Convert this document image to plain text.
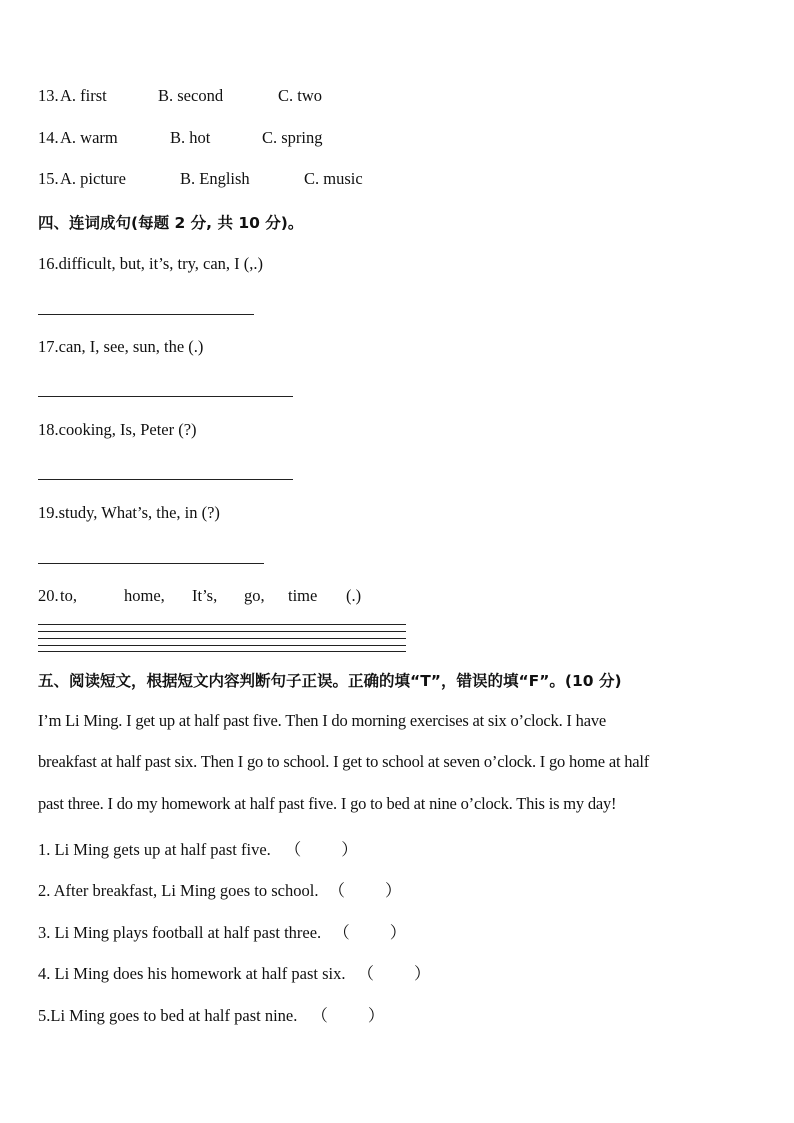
13.A. first	B. second	C. two
14.A. warm	B. hot	C. spring
15.A. picture	B. English	C. music
四、连词成句(每题 2 分, 共 10 分)。
16.difficult, but, it’s, try, can, I (,.)
17.can, I, see, sun, the (.)
18.cooking, Is, Peter (?)
19.study, What’s, the, in (?)
20.to,	home, It’s, go, time (.)
五、阅读短文，根据短文内容判断句子正误。正确的填“T”，错误的填“F”。(10 分)
I’m Li Ming. I get up at half past five. Then I do morning exercises at six o’clock. I have
breakfast at half past six. Then I go to school. I get to school at seven o’clock. I go home at half
past three. I do my homework at half past five. I go to bed at nine o’clock. This is my day!
1. Li Ming gets up at half past five. （ ）
2. After breakfast, Li Ming goes to school. （ ）
3. Li Ming plays football at half past three. （ ）
4. Li Ming does his homework at half past six. （ ）
5.Li Ming goes to bed at half past nine. （ ）
